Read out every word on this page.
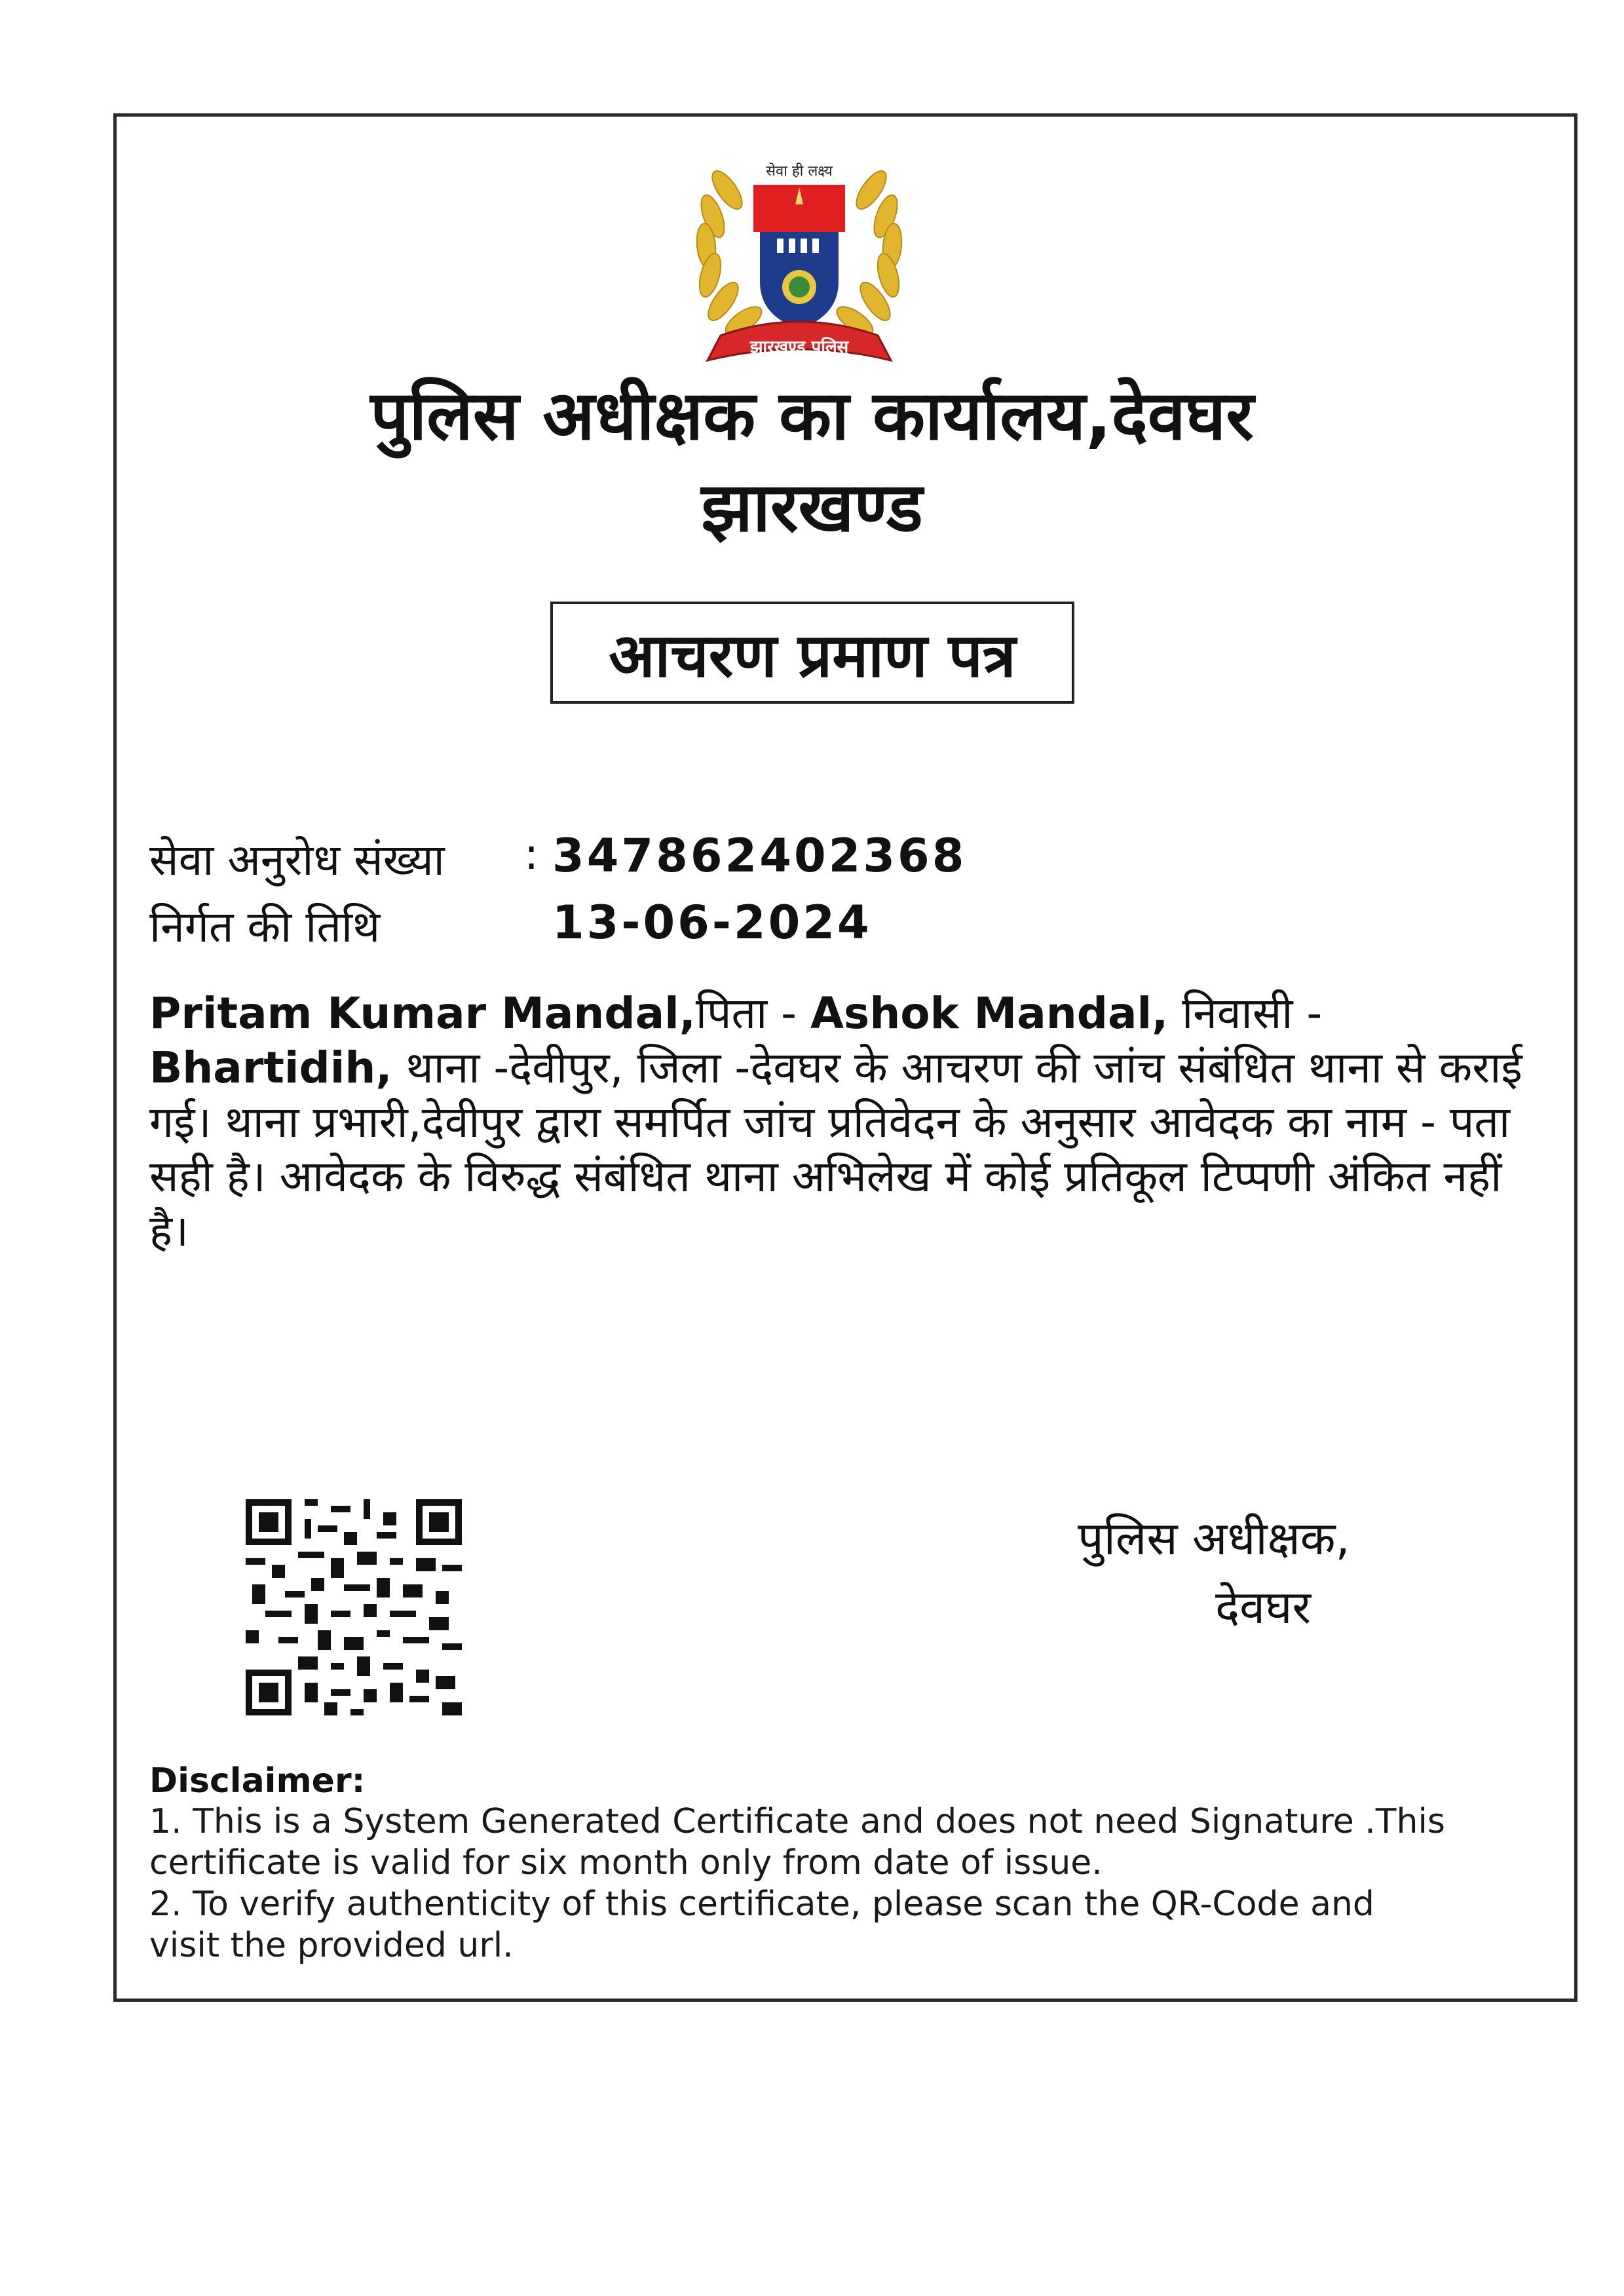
सेवा ही लक्ष्य
झारखण्ड पुलिस
पुलिस अधीक्षक का कार्यालय,देवघर
झारखण्ड
आचरण प्रमाण पत्र
सेवा अनुरोध संख्या : 347862402368
निर्गत की तिथि	13-06-2024
Pritam Kumar Mandal,पिता - Ashok Mandal, निवासी - Bhartidih, थाना -देवीपुर, जिला -देवघर के आचरण की जांच संबंधित थाना से कराई गई। थाना प्रभारी,देवीपुर द्वारा समर्पित जांच प्रतिवेदन के अनुसार आवेदक का नाम - पता सही है। आवेदक के विरुद्ध संबंधित थाना अभिलेख में कोई प्रतिकूल टिप्पणी अंकित नहीं है।
पुलिस अधीक्षक,
देवघर
Disclaimer:
1. This is a System Generated Certificate and does not need Signature .This
certificate is valid for six month only from date of issue.
2. To verify authenticity of this certificate, please scan the QR-Code and
visit the provided url.
